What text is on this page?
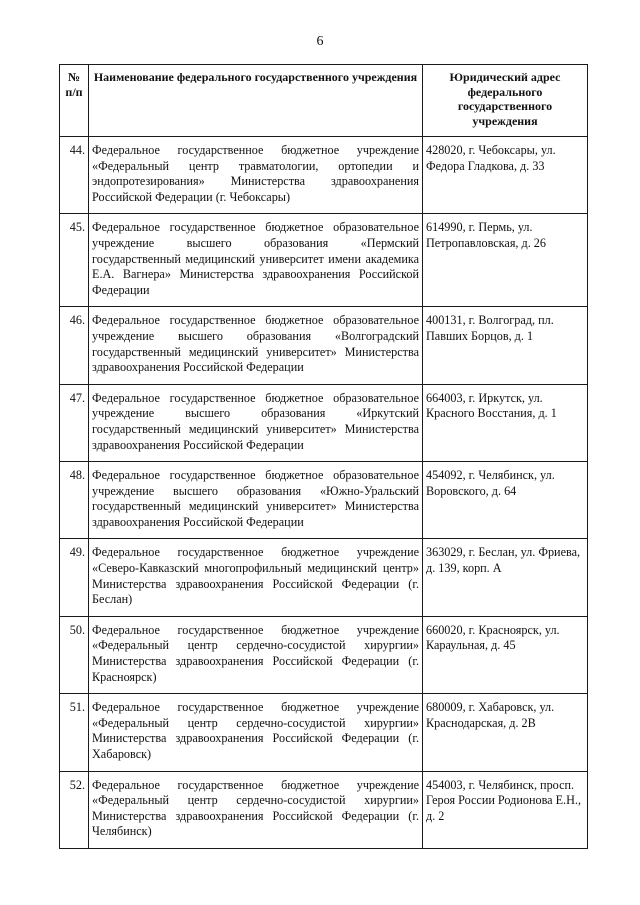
6
№ п/п	Наименование федерального государственного учреждения	Юридический адрес федерального государственного учреждения
44.	Федеральное государственное бюджетное учреждение «Федеральный центр травматологии, ортопедии и эндопротезирования» Министерства здравоохранения Российской Федерации (г. Чебоксары)	428020, г. Чебоксары, ул. Федора Гладкова, д. 33
45.	Федеральное государственное бюджетное образовательное учреждение высшего образования «Пермский государственный медицинский университет имени академика Е.А. Вагнера» Министерства здравоохранения Российской Федерации	614990, г. Пермь, ул. Петропавловская, д. 26
46.	Федеральное государственное бюджетное образовательное учреждение высшего образования «Волгоградский государственный медицинский университет» Министерства здравоохранения Российской Федерации	400131, г. Волгоград, пл. Павших Борцов, д. 1
47.	Федеральное государственное бюджетное образовательное учреждение высшего образования «Иркутский государственный медицинский университет» Министерства здравоохранения Российской Федерации	664003, г. Иркутск, ул. Красного Восстания, д. 1
48.	Федеральное государственное бюджетное образовательное учреждение высшего образования «Южно-Уральский государственный медицинский университет» Министерства здравоохранения Российской Федерации	454092, г. Челябинск, ул. Воровского, д. 64
49.	Федеральное государственное бюджетное учреждение «Северо-Кавказский многопрофильный медицинский центр» Министерства здравоохранения Российской Федерации (г. Беслан)	363029, г. Беслан, ул. Фриева, д. 139, корп. А
50.	Федеральное государственное бюджетное учреждение «Федеральный центр сердечно-сосудистой хирургии» Министерства здравоохранения Российской Федерации (г. Красноярск)	660020, г. Красноярск, ул. Караульная, д. 45
51.	Федеральное государственное бюджетное учреждение «Федеральный центр сердечно-сосудистой хирургии» Министерства здравоохранения Российской Федерации (г. Хабаровск)	680009, г. Хабаровск, ул. Краснодарская, д. 2В
52.	Федеральное государственное бюджетное учреждение «Федеральный центр сердечно-сосудистой хирургии» Министерства здравоохранения Российской Федерации (г. Челябинск)	454003, г. Челябинск, просп. Героя России Родионова Е.Н., д. 2
